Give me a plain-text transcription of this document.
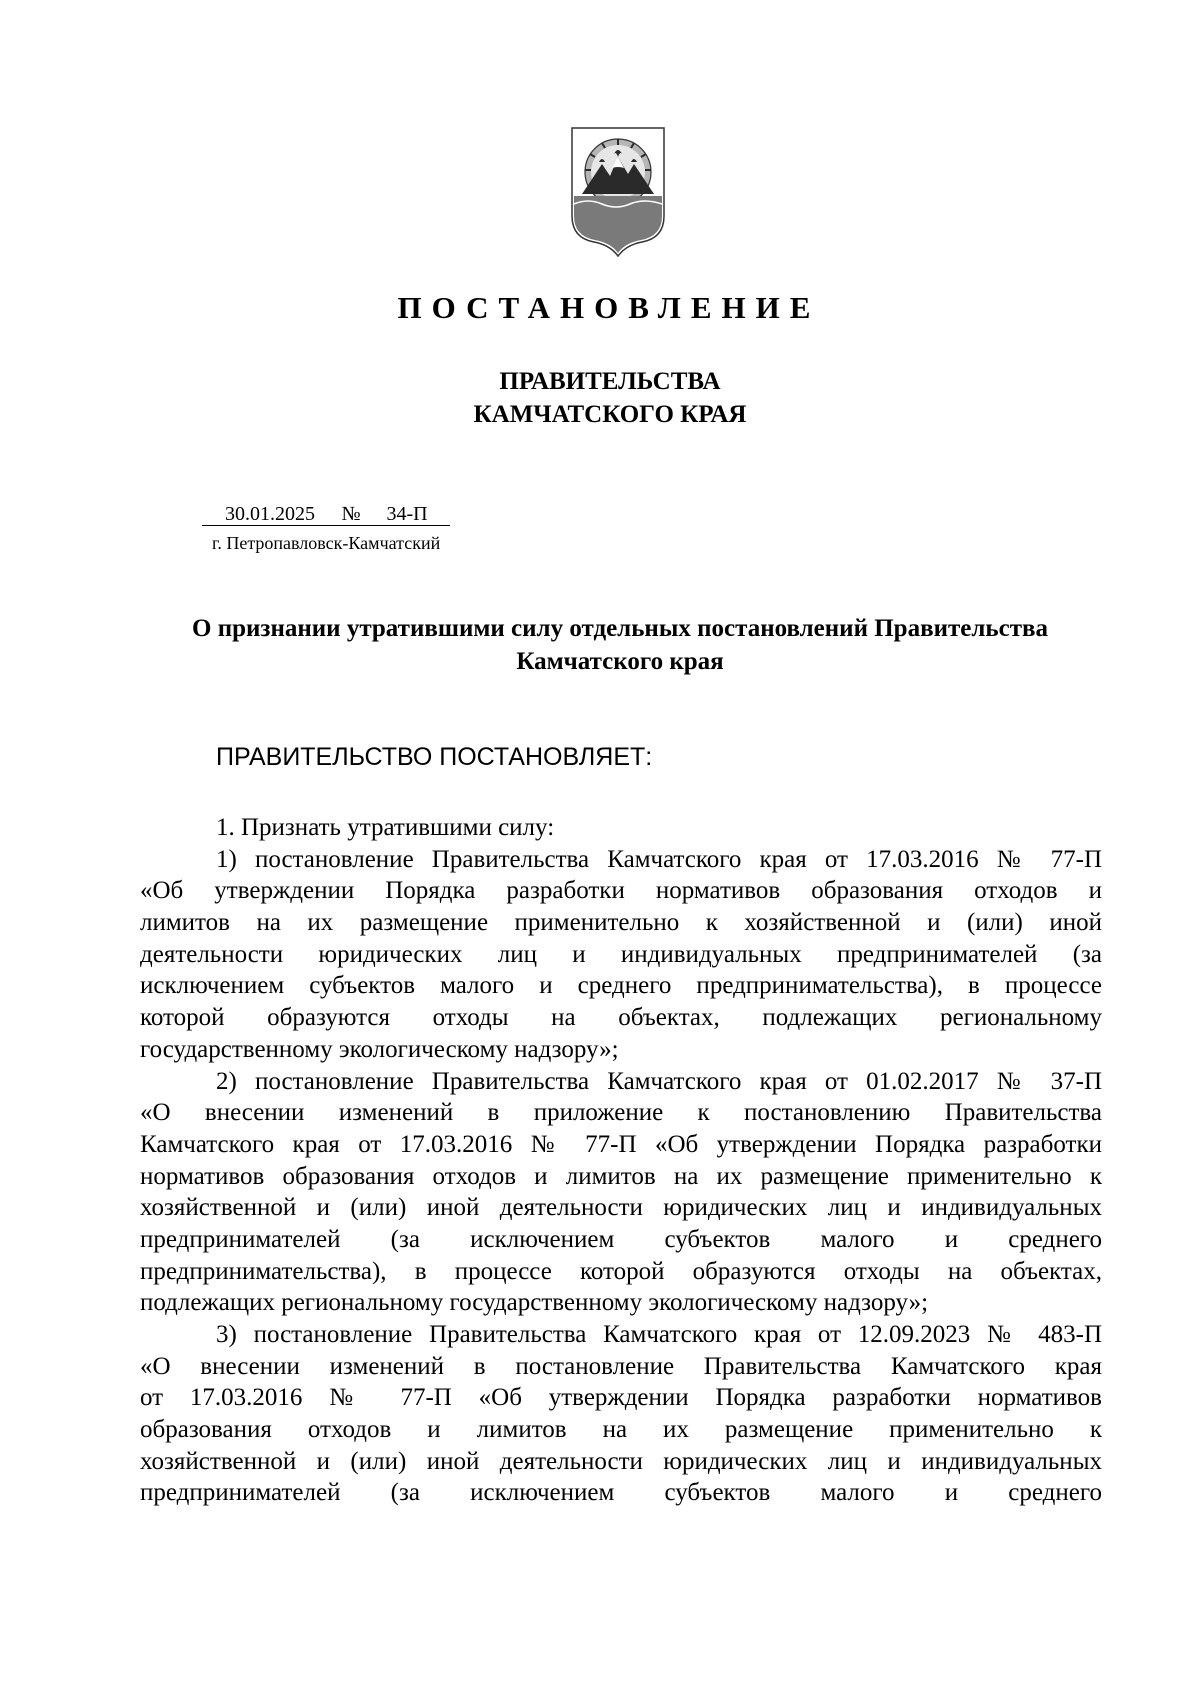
ПОСТАНОВЛЕНИЕ
ПРАВИТЕЛЬСТВА
КАМЧАТСКОГО КРАЯ
30.01.2025 № 34-П
г. Петропавловск-Камчатский
О признании утратившими силу отдельных постановлений Правительства
Камчатского края
ПРАВИТЕЛЬСТВО ПОСТАНОВЛЯЕТ:
1. Признать утратившими силу:
1) постановление Правительства Камчатского края от 17.03.2016 № 77-П
«Об утверждении Порядка разработки нормативов образования отходов и
лимитов на их размещение применительно к хозяйственной и (или) иной
деятельности юридических лиц и индивидуальных предпринимателей (за
исключением субъектов малого и среднего предпринимательства), в процессе
которой образуются отходы на объектах, подлежащих региональному
государственному экологическому надзору»;
2) постановление Правительства Камчатского края от 01.02.2017 № 37-П
«О внесении изменений в приложение к постановлению Правительства
Камчатского края от 17.03.2016 № 77-П «Об утверждении Порядка разработки
нормативов образования отходов и лимитов на их размещение применительно к
хозяйственной и (или) иной деятельности юридических лиц и индивидуальных
предпринимателей (за исключением субъектов малого и среднего
предпринимательства), в процессе которой образуются отходы на объектах,
подлежащих региональному государственному экологическому надзору»;
3) постановление Правительства Камчатского края от 12.09.2023 № 483-П
«О внесении изменений в постановление Правительства Камчатского края
от 17.03.2016 № 77-П «Об утверждении Порядка разработки нормативов
образования отходов и лимитов на их размещение применительно к
хозяйственной и (или) иной деятельности юридических лиц и индивидуальных
предпринимателей (за исключением субъектов малого и среднего
